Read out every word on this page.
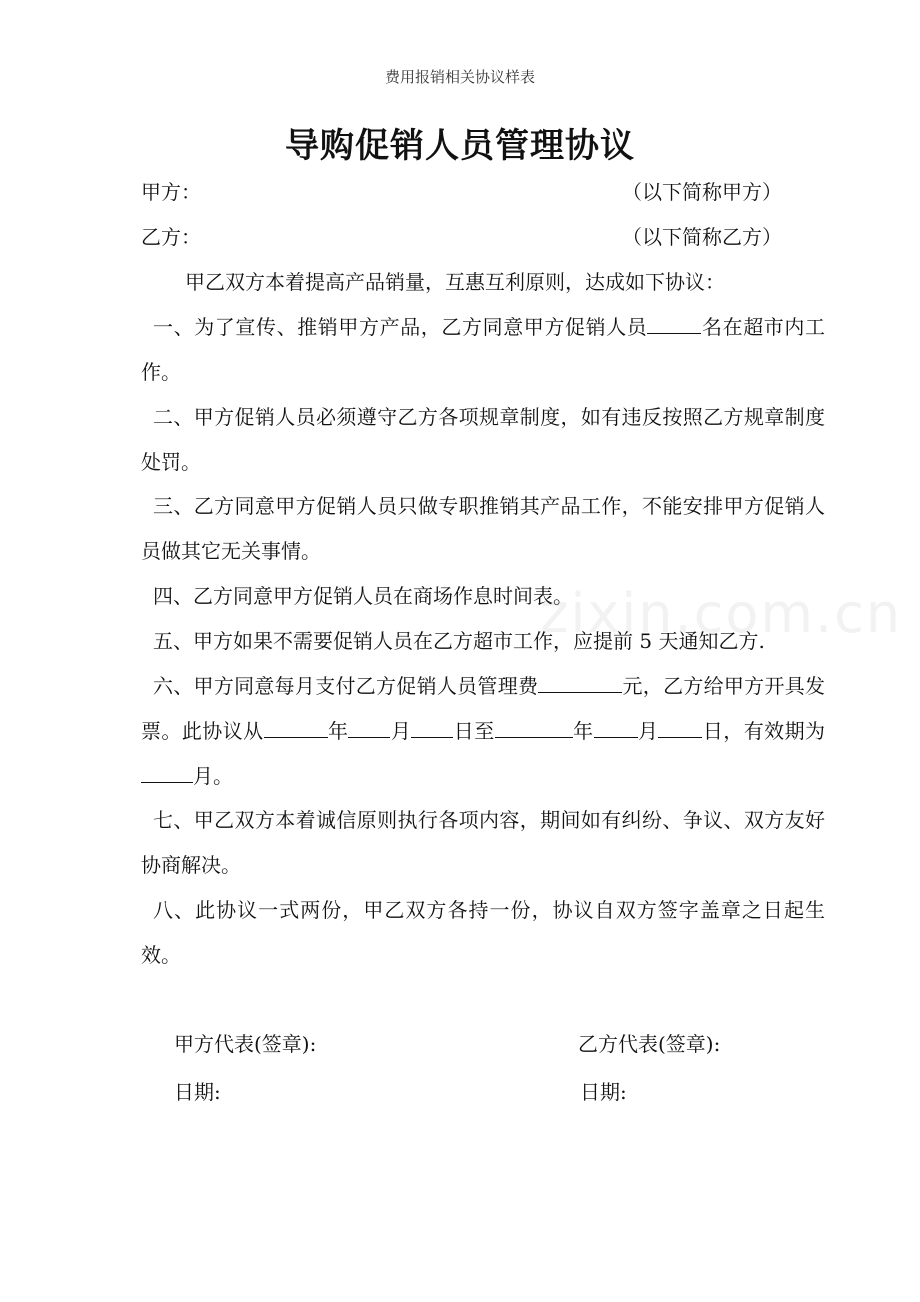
费用报销相关协议样表
导购促销人员管理协议
甲方：	（以下简称甲方）
乙方：	（以下简称乙方）
甲乙双方本着提高产品销量，互惠互利原则，达成如下协议：
一、为了宣传、推销甲方产品，乙方同意甲方促销人员	名在超市内工作。
二、甲方促销人员必须遵守乙方各项规章制度，如有违反按照乙方规章制度处罚。
三、乙方同意甲方促销人员只做专职推销其产品工作，不能安排甲方促销人员做其它无关事情。
四、乙方同意甲方促销人员在商场作息时间表。
五、甲方如果不需要促销人员在乙方超市工作，应提前 5 天通知乙方.
六、甲方同意每月支付乙方促销人员管理费	元，乙方给甲方开具发票。此协议从	年 月 日至	年 月 日，有效期为月。
七、甲乙双方本着诚信原则执行各项内容，期间如有纠纷、争议、双方友好协商解决。
八、此协议一式两份，甲乙双方各持一份，协议自双方签字盖章之日起生效。
甲方代表(签章):	乙方代表(签章):
日期:	日期:
zixin.com.cn
